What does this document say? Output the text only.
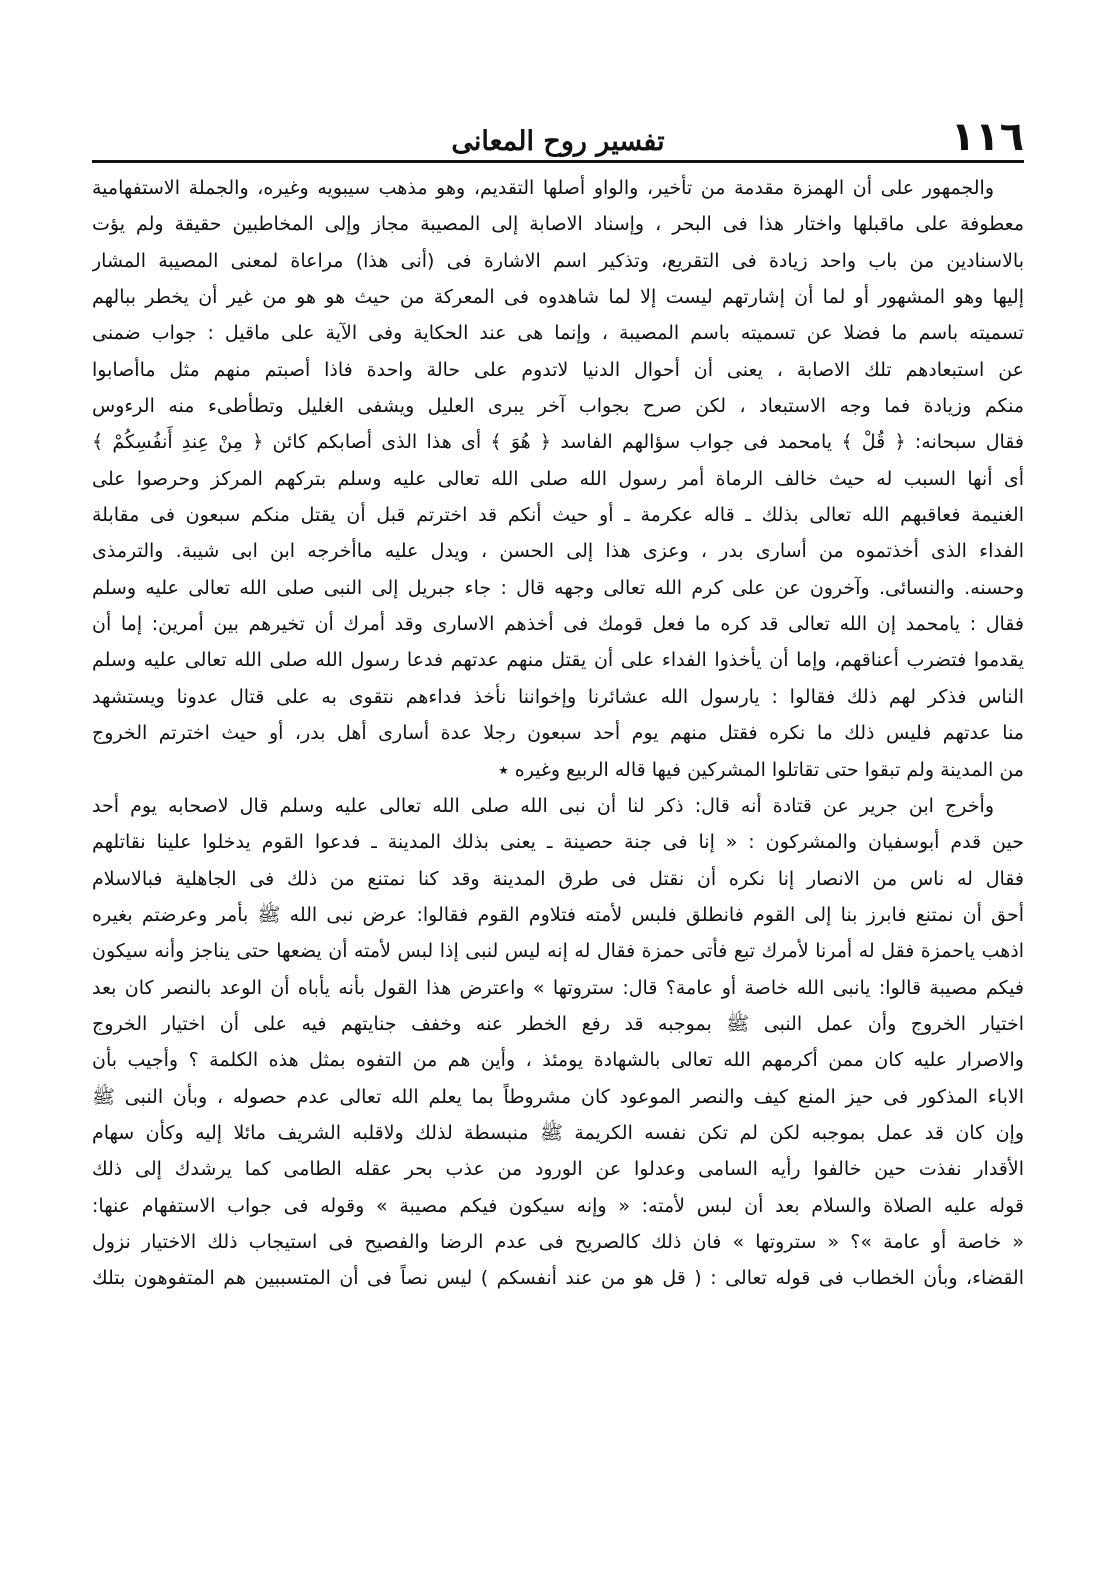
١١٦
تفسير روح المعانى
والجمهور على أن الهمزة مقدمة من تأخير، والواو أصلها التقديم، وهو مذهب سيبويه وغيره، والجملة الاستفهامية
معطوفة على ماقبلها واختار هذا فى البحر ، وإسناد الاصابة إلى المصيبة مجاز وإلى المخاطبين حقيقة ولم يؤت
بالاسنادين من باب واحد زيادة فى التقريع، وتذكير اسم الاشارة فى (أنى هذا) مراعاة لمعنى المصيبة المشار
إليها وهو المشهور أو لما أن إشارتهم ليست إلا لما شاهدوه فى المعركة من حيث هو هو من غير أن يخطر ببالهم
تسميته باسم ما فضلا عن تسميته باسم المصيبة ، وإنما هى عند الحكاية وفى الآية على ماقيل : جواب ضمنى
عن استبعادهم تلك الاصابة ، يعنى أن أحوال الدنيا لاتدوم على حالة واحدة فاذا أصبتم منهم مثل ماأصابوا
منكم وزيادة فما وجه الاستبعاد ، لكن صرح بجواب آخر يبرى العليل ويشفى الغليل وتطأطىء منه الرءوس
فقال سبحانه: ﴿ قُلْ ﴾ يامحمد فى جواب سؤالهم الفاسد ﴿ هُوَ ﴾ أى هذا الذى أصابكم كائن ﴿ مِنْ عِندِ أَنفُسِكُمْ ﴾
أى أنها السبب له حيث خالف الرماة أمر رسول الله صلى الله تعالى عليه وسلم بتركهم المركز وحرصوا على
الغنيمة فعاقبهم الله تعالى بذلك ـ قاله عكرمة ـ أو حيث أنكم قد اخترتم قبل أن يقتل منكم سبعون فى مقابلة
الفداء الذى أخذتموه من أسارى بدر ، وعزى هذا إلى الحسن ، ويدل عليه ماأخرجه ابن ابى شيبة. والترمذى
وحسنه. والنسائى. وآخرون عن على كرم الله تعالى وجهه قال : جاء جبريل إلى النبى صلى الله تعالى عليه وسلم
فقال : يامحمد إن الله تعالى قد كره ما فعل قومك فى أخذهم الاسارى وقد أمرك أن تخيرهم بين أمرين: إما أن
يقدموا فتضرب أعناقهم، وإما أن يأخذوا الفداء على أن يقتل منهم عدتهم فدعا رسول الله صلى الله تعالى عليه وسلم
الناس فذكر لهم ذلك فقالوا : يارسول الله عشائرنا وإخواننا نأخذ فداءهم نتقوى به على قتال عدونا ويستشهد
منا عدتهم فليس ذلك ما نكره فقتل منهم يوم أحد سبعون رجلا عدة أسارى أهل بدر، أو حيث اخترتم الخروج
من المدينة ولم تبقوا حتى تقاتلوا المشركين فيها قاله الربيع وغيره ٭
وأخرج ابن جرير عن قتادة أنه قال: ذكر لنا أن نبى الله صلى الله تعالى عليه وسلم قال لاصحابه يوم أحد
حين قدم أبوسفيان والمشركون : « إنا فى جنة حصينة ـ يعنى بذلك المدينة ـ فدعوا القوم يدخلوا علينا نقاتلهم
فقال له ناس من الانصار إنا نكره أن نقتل فى طرق المدينة وقد كنا نمتنع من ذلك فى الجاهلية فبالاسلام
أحق أن نمتنع فابرز بنا إلى القوم فانطلق فلبس لأمته فتلاوم القوم فقالوا: عرض نبى الله ﷺ بأمر وعرضتم بغيره
اذهب ياحمزة فقل له أمرنا لأمرك تبع فأتى حمزة فقال له إنه ليس لنبى إذا لبس لأمته أن يضعها حتى يناجز وأنه سيكون
فيكم مصيبة قالوا: يانبى الله خاصة أو عامة؟ قال: ستروتها » واعترض هذا القول بأنه يأباه أن الوعد بالنصر كان بعد
اختيار الخروج وأن عمل النبى ﷺ بموجبه قد رفع الخطر عنه وخفف جنايتهم فيه على أن اختيار الخروج
والاصرار عليه كان ممن أكرمهم الله تعالى بالشهادة يومئذ ، وأين هم من التفوه بمثل هذه الكلمة ؟ وأجيب بأن
الاباء المذكور فى حيز المنع كيف والنصر الموعود كان مشروطاً بما يعلم الله تعالى عدم حصوله ، وبأن النبى ﷺ
وإن كان قد عمل بموجبه لكن لم تكن نفسه الكريمة ﷺ منبسطة لذلك ولاقلبه الشريف مائلا إليه وكأن سهام
الأقدار نفذت حين خالفوا رأيه السامى وعدلوا عن الورود من عذب بحر عقله الطامى كما يرشدك إلى ذلك
قوله عليه الصلاة والسلام بعد أن لبس لأمته: « وإنه سيكون فيكم مصيبة » وقوله فى جواب الاستفهام عنها:
« خاصة أو عامة »؟ « ستروتها » فان ذلك كالصريح فى عدم الرضا والفصيح فى استيجاب ذلك الاختيار نزول
القضاء، وبأن الخطاب فى قوله تعالى : ( قل هو من عند أنفسكم ) ليس نصاً فى أن المتسببين هم المتفوهون بتلك
